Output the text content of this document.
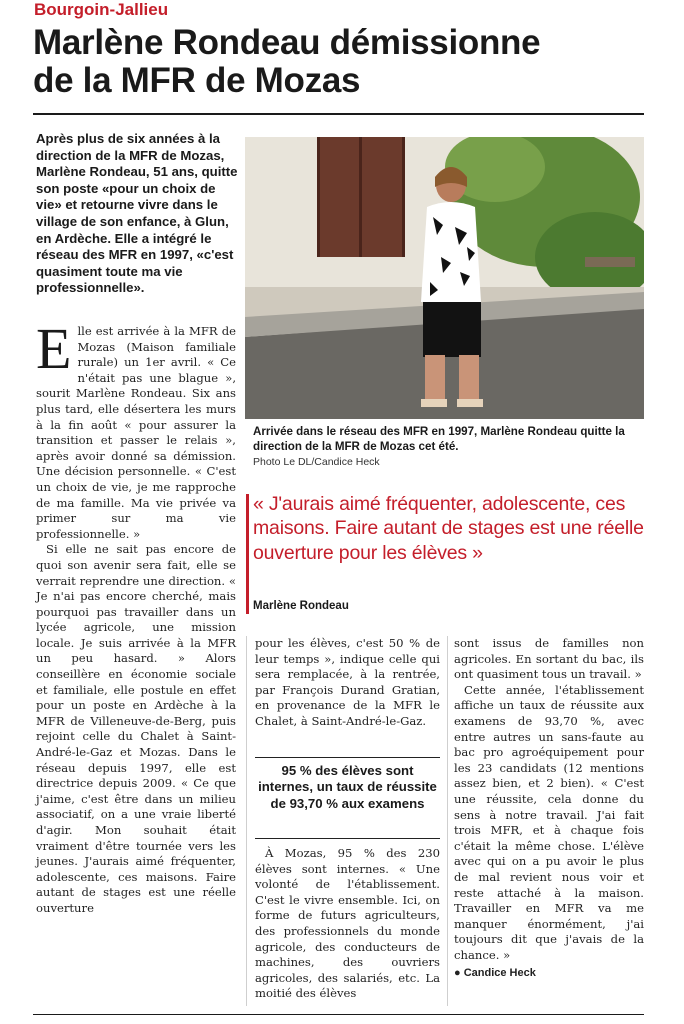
Bourgoin-Jallieu
Marlène Rondeau démissionne
de la MFR de Mozas
Après plus de six années à la direction de la MFR de Mozas, Marlène Rondeau, 51 ans, quitte son poste «pour un choix de vie» et retourne vivre dans le village de son enfance, à Glun, en Ardèche. Elle a intégré le réseau des MFR en 1997, «c'est quasiment toute ma vie professionnelle».
Arrivée dans le réseau des MFR en 1997, Marlène Rondeau quitte la direction de la MFR de Mozas cet été.
Photo Le DL/Candice Heck
« J'aurais aimé fréquenter, adolescente, ces maisons. Faire autant de stages est une réelle ouverture pour les élèves »
Marlène Rondeau
E lle est arrivée à la MFR de Mozas (Maison familiale rurale) un 1er avril. « Ce n'était pas une blague », sourit Marlène Rondeau. Six ans plus tard, elle désertera les murs à la fin août « pour assurer la transition et passer le relais », après avoir donné sa démission. Une décision personnelle. « C'est un choix de vie, je me rapproche de ma famille. Ma vie privée va primer sur ma vie professionnelle. »

Si elle ne sait pas encore de quoi son avenir sera fait, elle se verrait reprendre une direction. « Je n'ai pas encore cherché, mais pourquoi pas travailler dans un lycée agricole, une mission locale. Je suis arrivée à la MFR un peu hasard. » Alors conseillère en économie sociale et familiale, elle postule en effet pour un poste en Ardèche à la MFR de Villeneuve-de-Berg, puis rejoint celle du Chalet à Saint-André-le-Gaz et Mozas. Dans le réseau depuis 1997, elle est directrice depuis 2009. « Ce que j'aime, c'est être dans un milieu associatif, on a une vraie liberté d'agir. Mon souhait était vraiment d'être tournée vers les jeunes. J'aurais aimé fréquenter, adolescente, ces maisons. Faire autant de stages est une réelle ouverture

pour les élèves, c'est 50 % de leur temps », indique celle qui sera remplacée, à la rentrée, par François Durand Gratian, en provenance de la MFR le Chalet, à Saint-André-le-Gaz.

95 % des élèves sont internes, un taux de réussite de 93,70 % aux examens

À Mozas, 95 % des 230 élèves sont internes. « Une volonté de l'établissement. C'est le vivre ensemble. Ici, on forme de futurs agriculteurs, des professionnels du monde agricole, des conducteurs de machines, des ouvriers agricoles, des salariés, etc. La moitié des élèves

sont issus de familles non agricoles. En sortant du bac, ils ont quasiment tous un travail. »

Cette année, l'établissement affiche un taux de réussite aux examens de 93,70 %, avec entre autres un sans-faute au bac pro agroéquipement pour les 23 candidats (12 mentions assez bien, et 2 bien). « C'est une réussite, cela donne du sens à notre travail. J'ai fait trois MFR, et à chaque fois c'était la même chose. L'élève avec qui on a pu avoir le plus de mal revient nous voir et reste attaché à la maison. Travailler en MFR va me manquer énormément, j'ai toujours dit que j'avais de la chance. »

● Candice Heck
